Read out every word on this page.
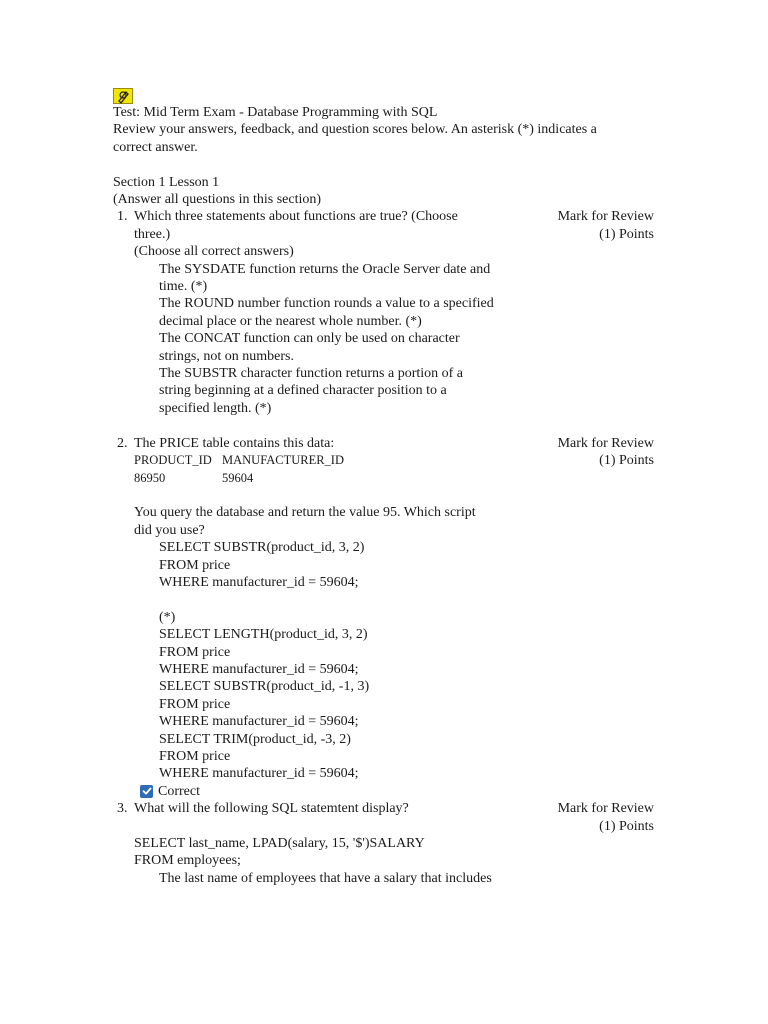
Test: Mid Term Exam - Database Programming with SQL
Review your answers, feedback, and question scores below. An asterisk (*) indicates a
correct answer.
Section 1 Lesson 1
(Answer all questions in this section)
1.	Mark for Review
(1) Points
Which three statements about functions are true? (Choose
three.)
(Choose all correct answers)
The SYSDATE function returns the Oracle Server date and
time. (*)
The ROUND number function rounds a value to a specified
decimal place or the nearest whole number. (*)
The CONCAT function can only be used on character
strings, not on numbers.
The SUBSTR character function returns a portion of a
string beginning at a defined character position to a
specified length. (*)
2.	Mark for Review
(1) Points
The PRICE table contains this data:
PRODUCT_ID MANUFACTURER_ID
86950	59604
You query the database and return the value 95. Which script
did you use?
SELECT SUBSTR(product_id, 3, 2)
FROM price
WHERE manufacturer_id = 59604;
(*)
SELECT LENGTH(product_id, 3, 2)
FROM price
WHERE manufacturer_id = 59604;
SELECT SUBSTR(product_id, -1, 3)
FROM price
WHERE manufacturer_id = 59604;
SELECT TRIM(product_id, -3, 2)
FROM price
WHERE manufacturer_id = 59604;
Correct
3.	Mark for Review
(1) Points
What will the following SQL statemtent display?
SELECT last_name, LPAD(salary, 15, '$')SALARY
FROM employees;
The last name of employees that have a salary that includes
